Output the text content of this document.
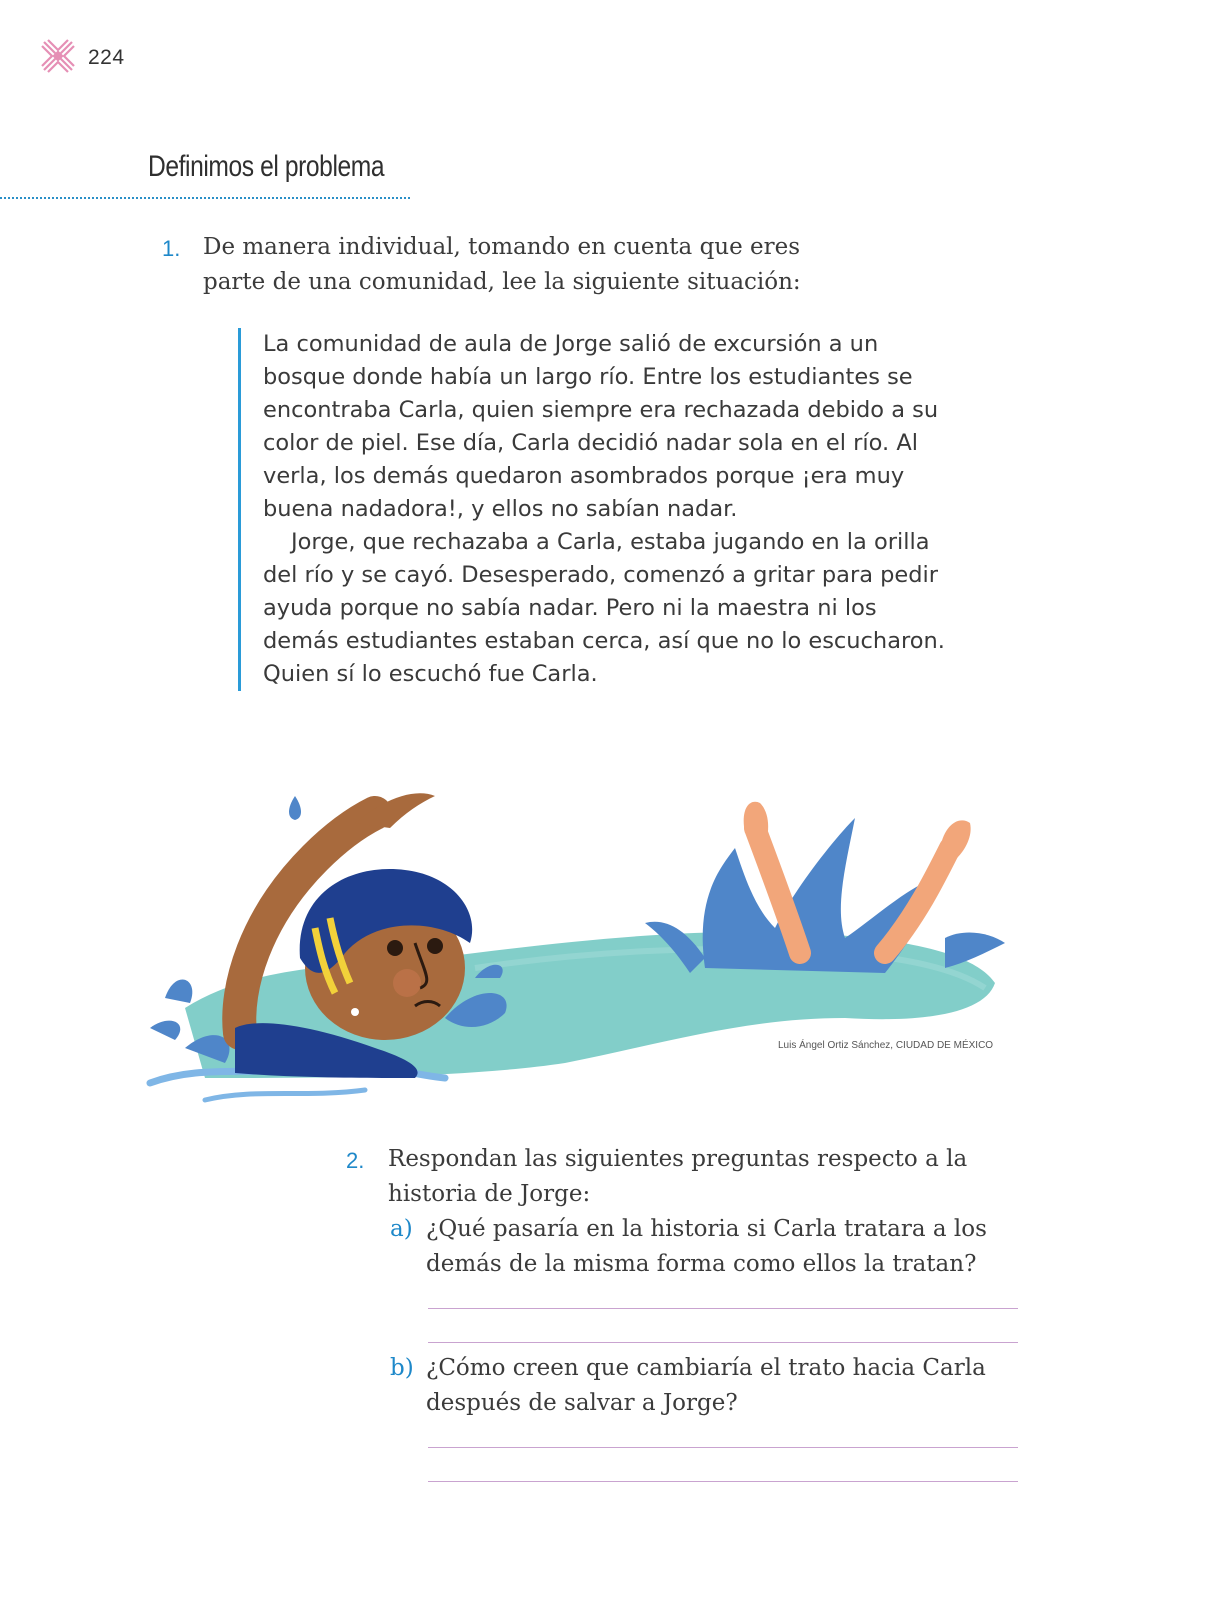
224
Definimos el problema
1. De manera individual, tomando en cuenta que eres
parte de una comunidad, lee la siguiente situación:

La comunidad de aula de Jorge salió de excursión a un bosque donde había un largo río. Entre los estudiantes se encontraba Carla, quien siempre era rechazada debido a su color de piel. Ese día, Carla decidió nadar sola en el río. Al verla, los demás quedaron asombrados porque ¡era muy buena nadadora!, y ellos no sabían nadar.

Jorge, que rechazaba a Carla, estaba jugando en la orilla del río y se cayó. Desesperado, comenzó a gritar para pedir ayuda porque no sabía nadar. Pero ni la maestra ni los demás estudiantes estaban cerca, así que no lo escucharon. Quien sí lo escuchó fue Carla.

Luis Ángel Ortiz Sánchez, CIUDAD DE MÉXICO
2. Respondan las siguientes preguntas respecto a la
historia de Jorge:
a) ¿Qué pasaría en la historia si Carla tratara a los
demás de la misma forma como ellos la tratan?
b) ¿Cómo creen que cambiaría el trato hacia Carla
después de salvar a Jorge?
